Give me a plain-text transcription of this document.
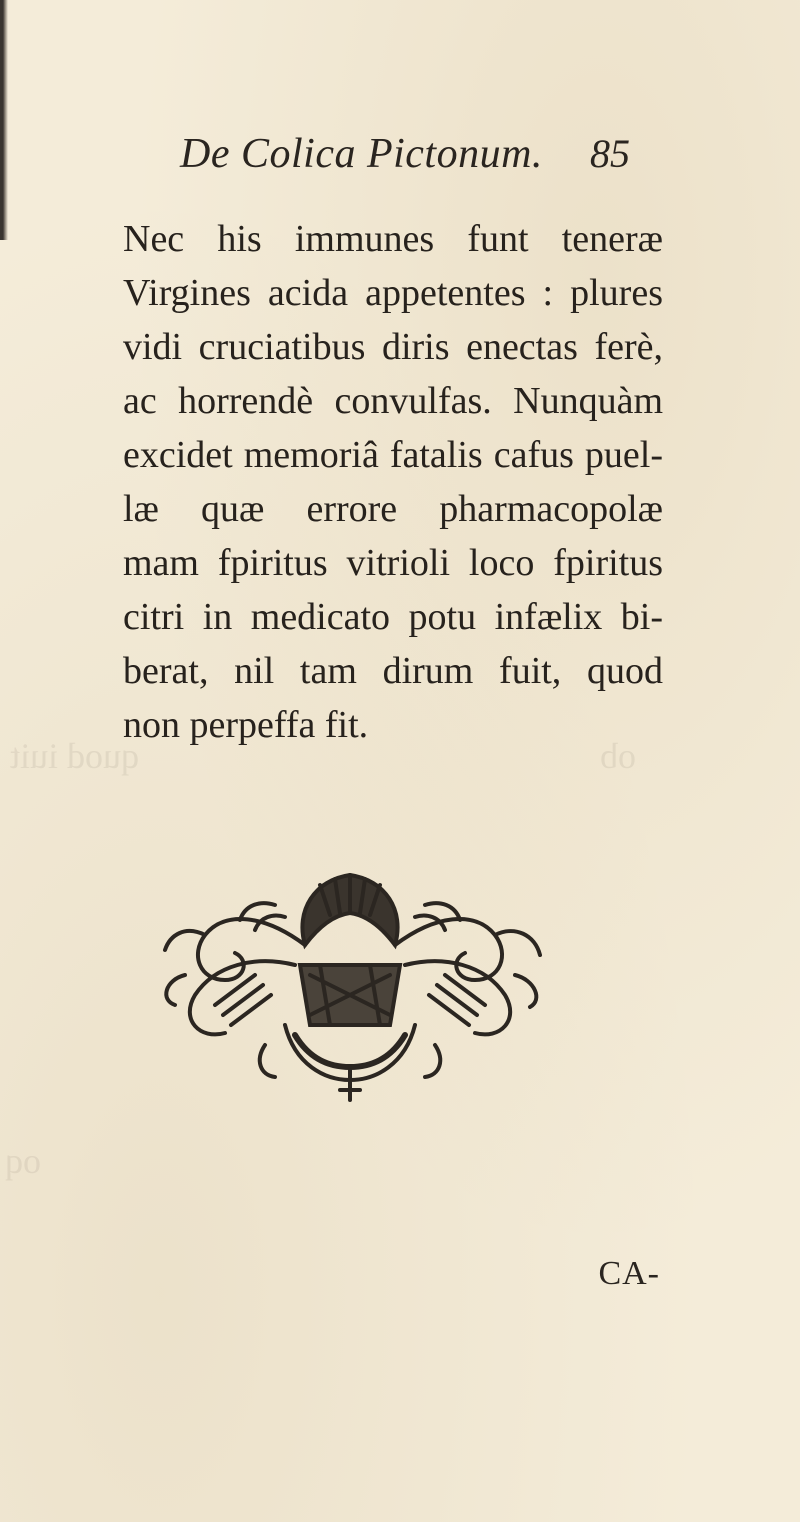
quod iuit	ob
oq
De Colica Pictonum. 85
Nec his immunes funt teneræ
Virgines acida appetentes : plures
vidi cruciatibus diris enectas ferè,
ac horrendè convulfas. Nunquàm
excidet memoriâ fatalis cafus puel-
læ quæ errore pharmacopolæ
mam fpiritus vitrioli loco fpiritus
citri in medicato potu infælix bi-
berat, nil tam dirum fuit, quod
non perpeffa fit.
CA-
